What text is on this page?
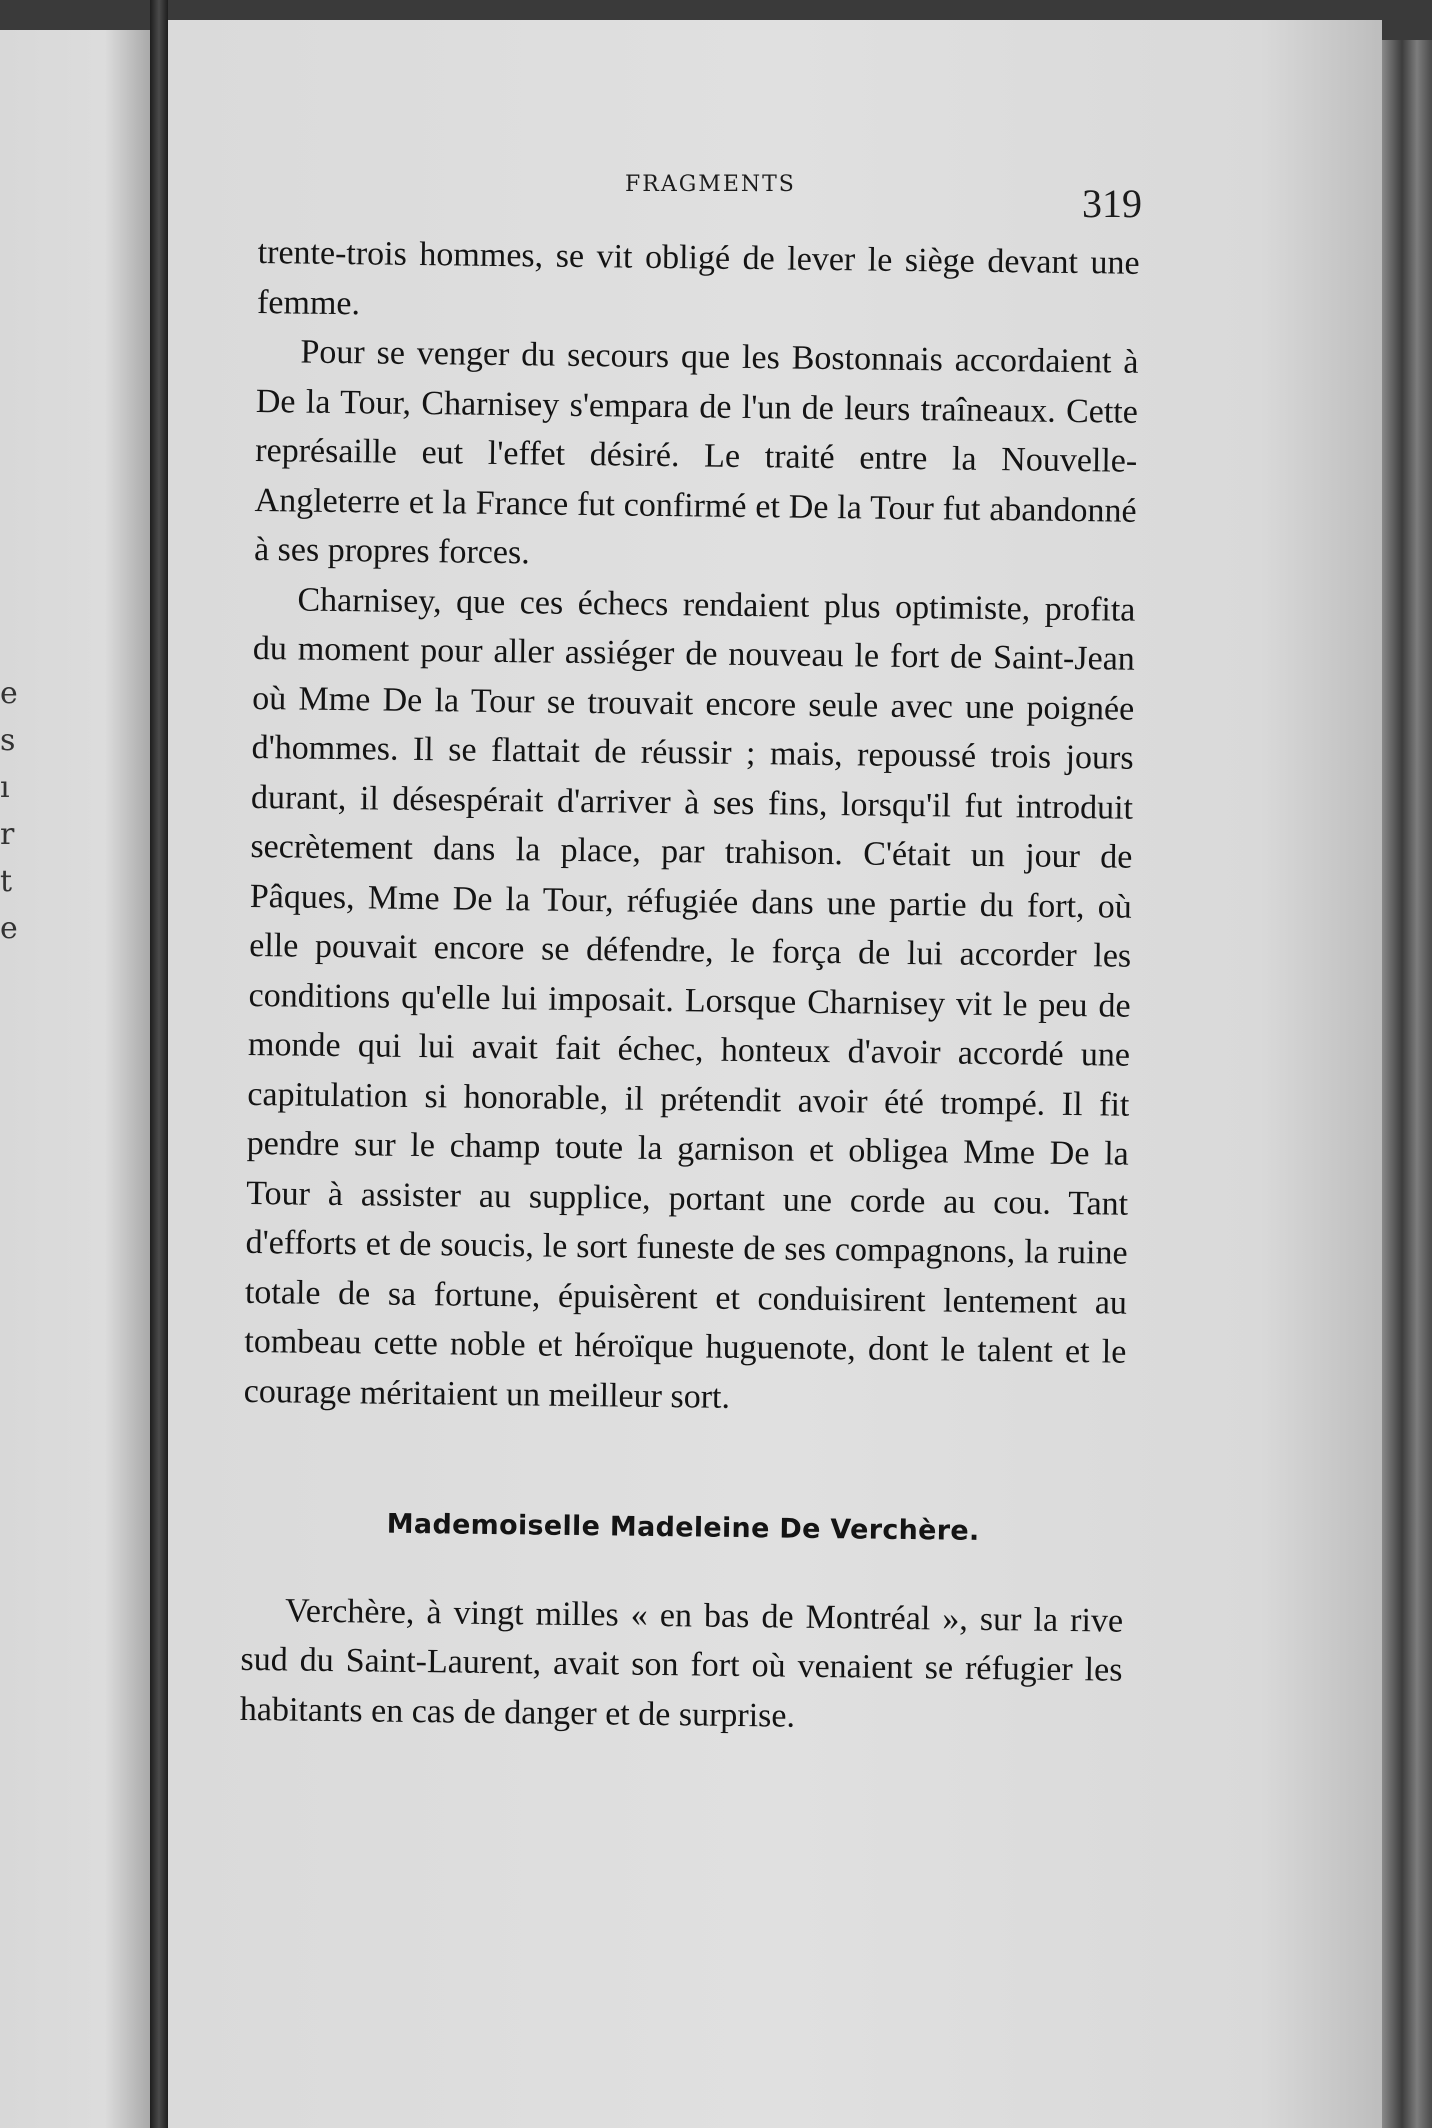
e
s
ı
r
t
e
FRAGMENTS	319

trente-trois hommes, se vit obligé de lever le siège devant une femme.

Pour se venger du secours que les Bostonnais accordaient à De la Tour, Charnisey s'empara de l'un de leurs traîneaux. Cette représaille eut l'effet désiré. Le traité entre la Nouvelle-Angleterre et la France fut confirmé et De la Tour fut abandonné à ses propres forces.

Charnisey, que ces échecs rendaient plus optimiste, profita du moment pour aller assiéger de nouveau le fort de Saint-Jean où Mme De la Tour se trouvait encore seule avec une poignée d'hommes. Il se flattait de réussir ; mais, repoussé trois jours durant, il désespérait d'arriver à ses fins, lorsqu'il fut introduit secrètement dans la place, par trahison. C'était un jour de Pâques, Mme De la Tour, réfugiée dans une partie du fort, où elle pouvait encore se défendre, le força de lui accorder les conditions qu'elle lui imposait. Lorsque Charnisey vit le peu de monde qui lui avait fait échec, honteux d'avoir accordé une capitulation si honorable, il prétendit avoir été trompé. Il fit pendre sur le champ toute la garnison et obligea Mme De la Tour à assister au supplice, portant une corde au cou. Tant d'efforts et de soucis, le sort funeste de ses compagnons, la ruine totale de sa fortune, épuisèrent et conduisirent lentement au tombeau cette noble et héroïque huguenote, dont le talent et le courage méritaient un meilleur sort.

Mademoiselle Madeleine De Verchère.

Verchère, à vingt milles « en bas de Montréal », sur la rive sud du Saint-Laurent, avait son fort où venaient se réfugier les habitants en cas de danger et de surprise.
